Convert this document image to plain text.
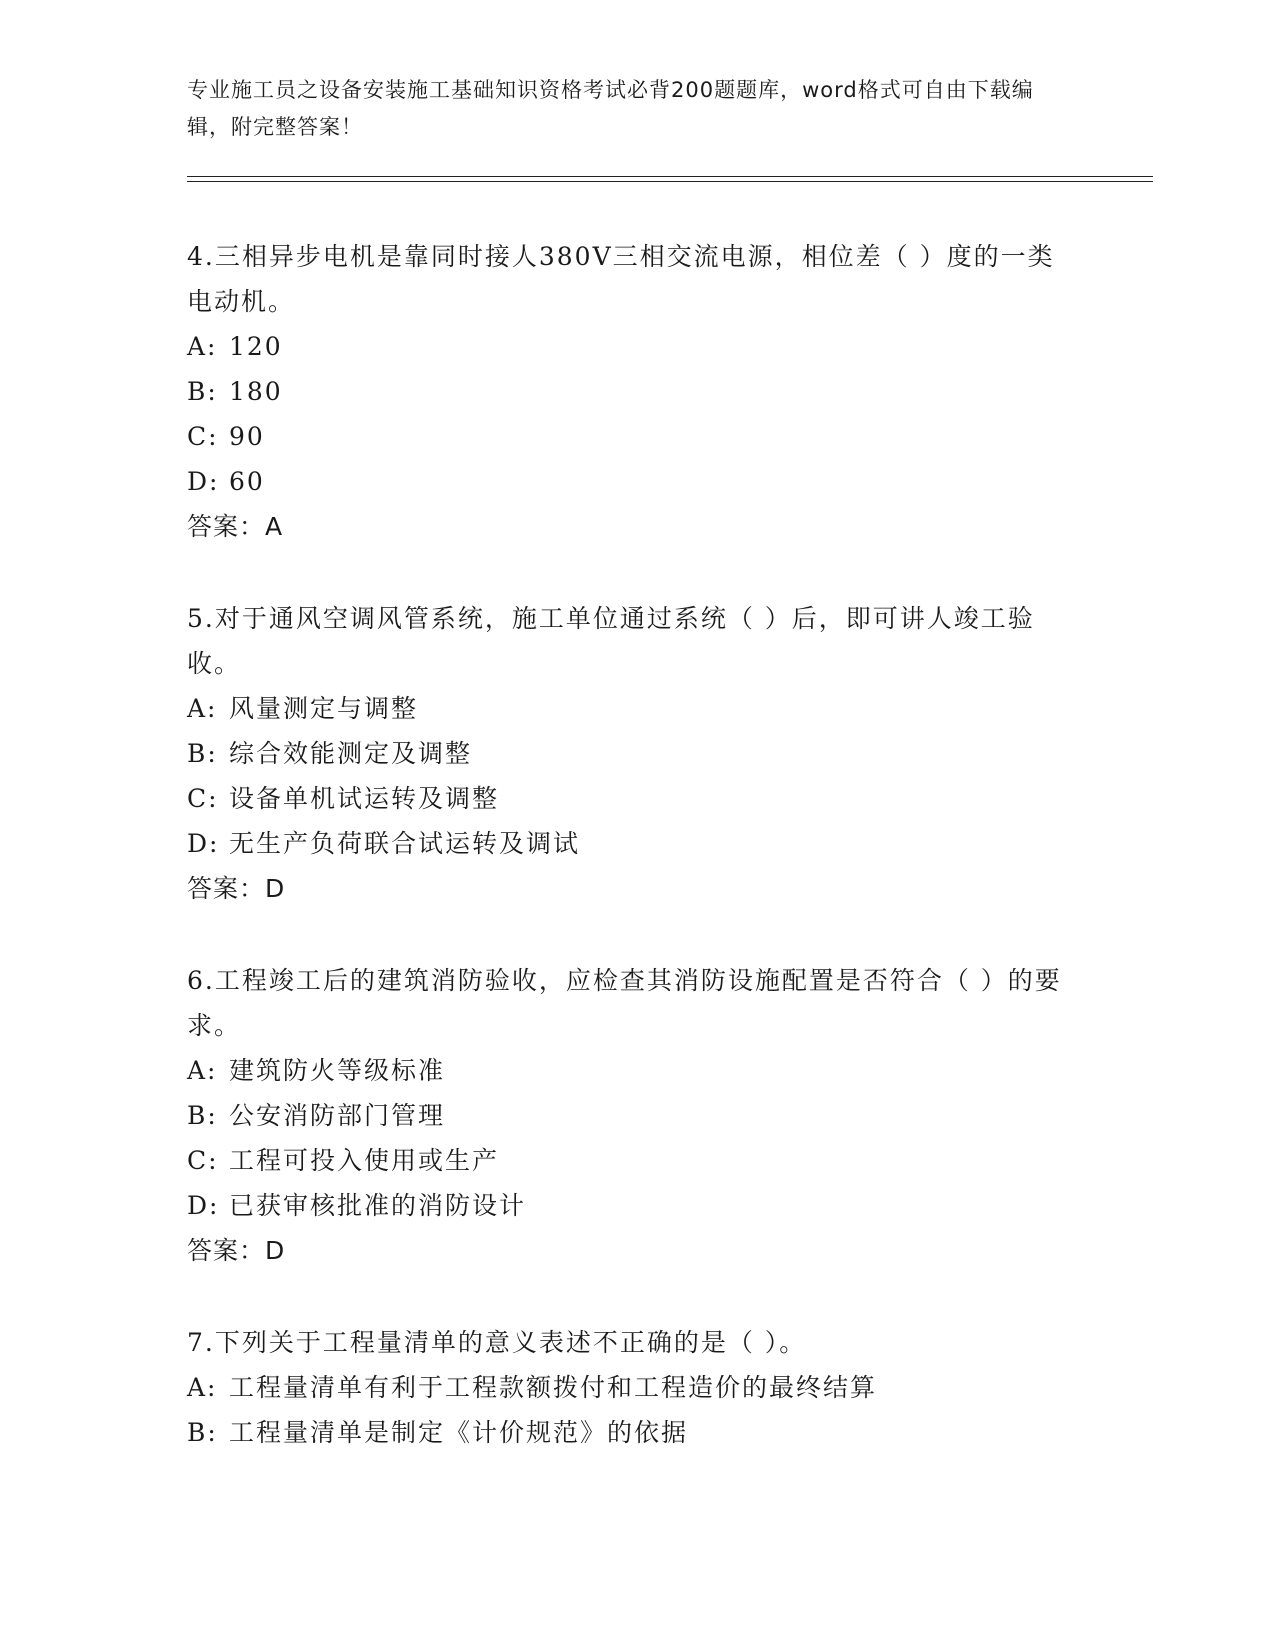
专业施工员之设备安装施工基础知识资格考试必背200题题库，word格式可自由下载编辑，附完整答案！
4.三相异步电机是靠同时接人380V三相交流电源，相位差（ ）度的一类电动机。
A: 120
B: 180
C: 90
D: 60
答案：A
5.对于通风空调风管系统，施工单位通过系统（ ）后，即可讲人竣工验收。
A: 风量测定与调整
B: 综合效能测定及调整
C: 设备单机试运转及调整
D: 无生产负荷联合试运转及调试
答案：D
6.工程竣工后的建筑消防验收，应检查其消防设施配置是否符合（ ）的要求。
A: 建筑防火等级标准
B: 公安消防部门管理
C: 工程可投入使用或生产
D: 已获审核批准的消防设计
答案：D
7.下列关于工程量清单的意义表述不正确的是（ ）。
A: 工程量清单有利于工程款额拨付和工程造价的最终结算
B: 工程量清单是制定《计价规范》的依据
